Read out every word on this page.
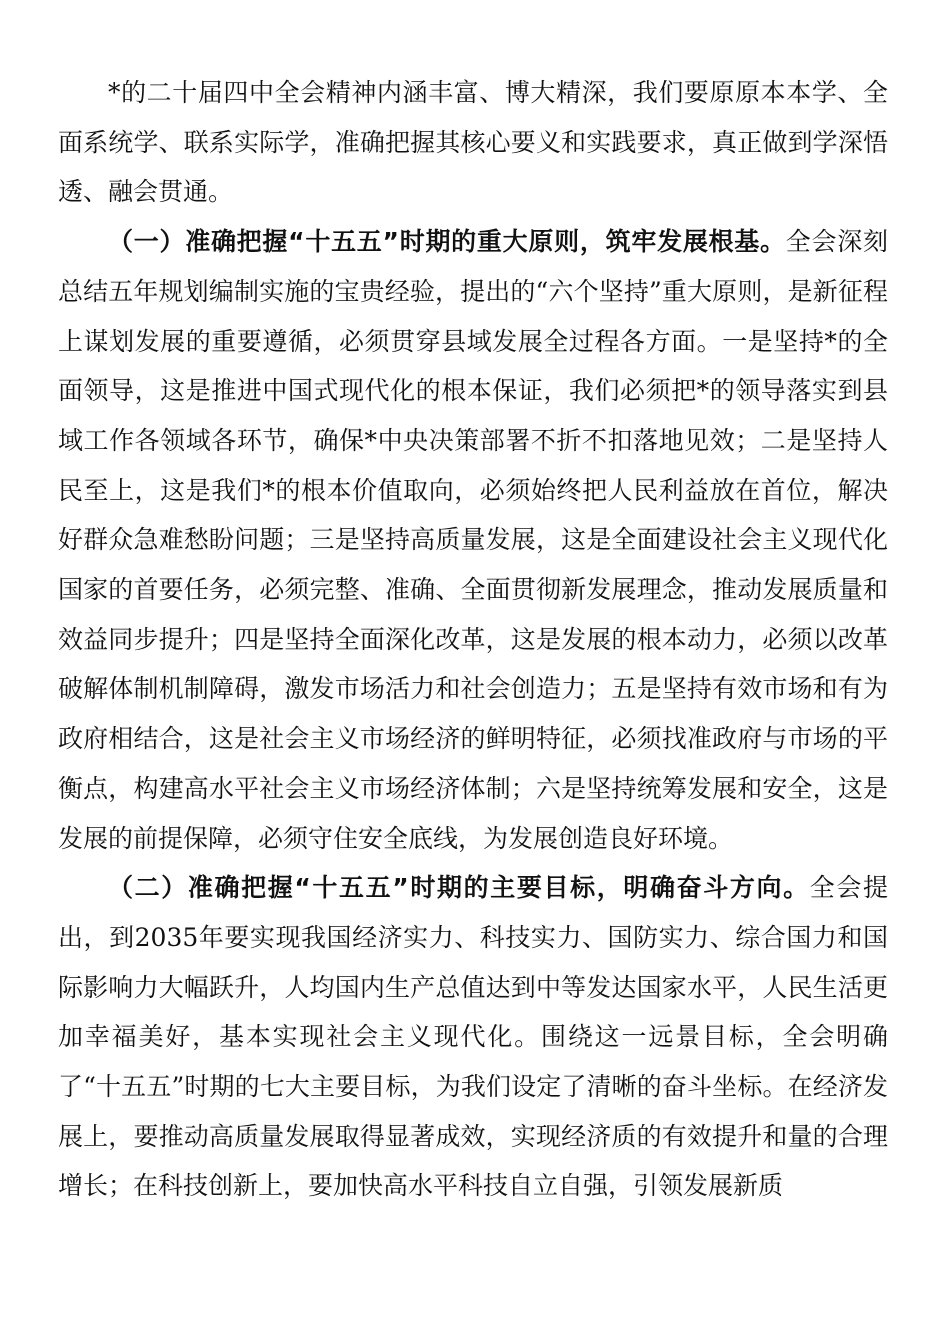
*的二十届四中全会精神内涵丰富、博大精深，我们要原原本本学、全面系统学、联系实际学，准确把握其核心要义和实践要求，真正做到学深悟透、融会贯通。

（一）准确把握“十五五”时期的重大原则，筑牢发展根基。全会深刻总结五年规划编制实施的宝贵经验，提出的“六个坚持”重大原则，是新征程上谋划发展的重要遵循，必须贯穿县域发展全过程各方面。一是坚持*的全面领导，这是推进中国式现代化的根本保证，我们必须把*的领导落实到县域工作各领域各环节，确保*中央决策部署不折不扣落地见效；二是坚持人民至上，这是我们*的根本价值取向，必须始终把人民利益放在首位，解决好群众急难愁盼问题；三是坚持高质量发展，这是全面建设社会主义现代化国家的首要任务，必须完整、准确、全面贯彻新发展理念，推动发展质量和效益同步提升；四是坚持全面深化改革，这是发展的根本动力，必须以改革破解体制机制障碍，激发市场活力和社会创造力；五是坚持有效市场和有为政府相结合，这是社会主义市场经济的鲜明特征，必须找准政府与市场的平衡点，构建高水平社会主义市场经济体制；六是坚持统筹发展和安全，这是发展的前提保障，必须守住安全底线，为发展创造良好环境。

（二）准确把握“十五五”时期的主要目标，明确奋斗方向。全会提出，到2035年要实现我国经济实力、科技实力、国防实力、综合国力和国际影响力大幅跃升，人均国内生产总值达到中等发达国家水平，人民生活更加幸福美好，基本实现社会主义现代化。围绕这一远景目标，全会明确了“十五五”时期的七大主要目标，为我们设定了清晰的奋斗坐标。在经济发展上，要推动高质量发展取得显著成效，实现经济质的有效提升和量的合理增长；在科技创新上，要加快高水平科技自立自强，引领发展新质
